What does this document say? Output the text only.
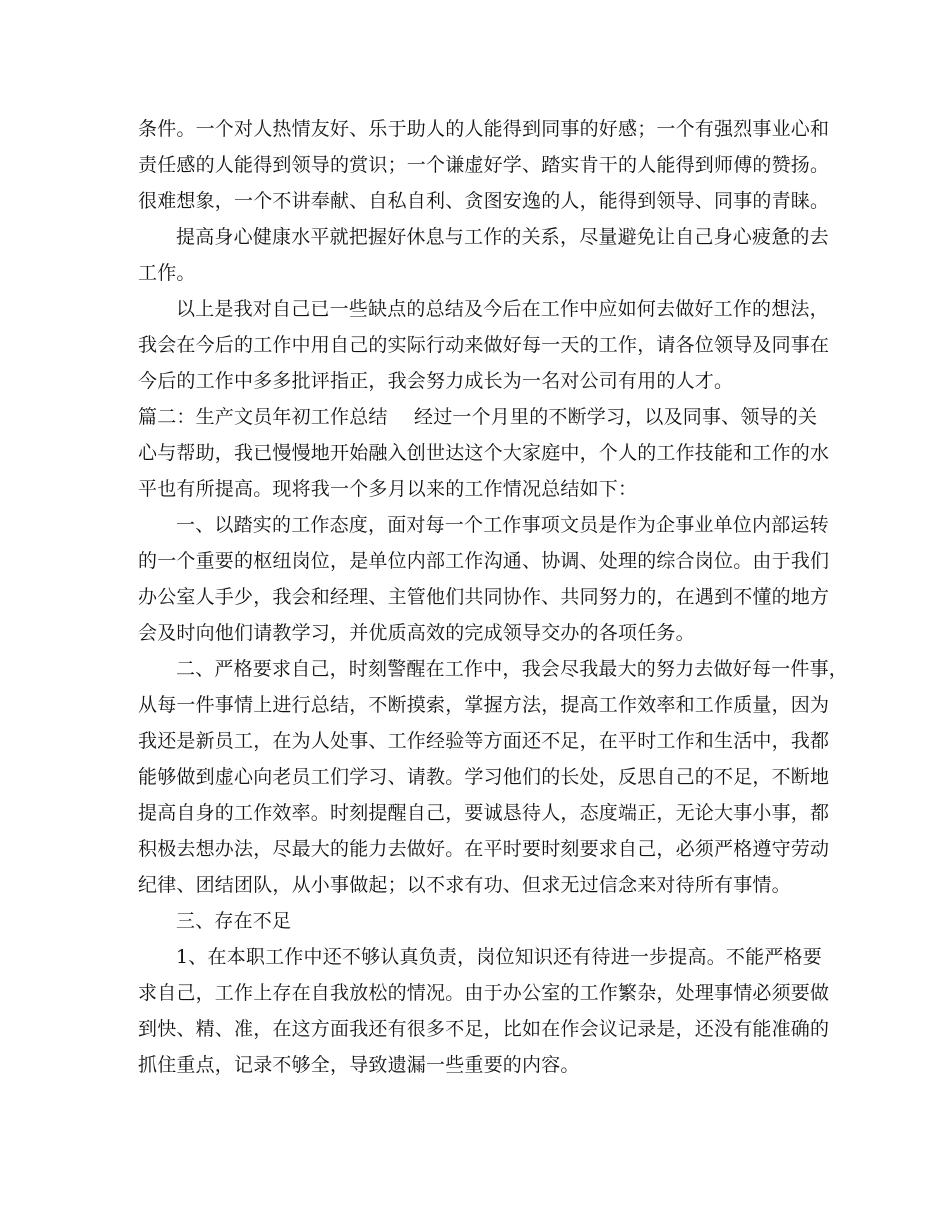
条件。一个对人热情友好、乐于助人的人能得到同事的好感；一个有强烈事业心和
责任感的人能得到领导的赏识；一个谦虚好学、踏实肯干的人能得到师傅的赞扬。
很难想象，一个不讲奉献、自私自利、贪图安逸的人，能得到领导、同事的青睐。
提高身心健康水平就把握好休息与工作的关系，尽量避免让自己身心疲惫的去
工作。
以上是我对自己已一些缺点的总结及今后在工作中应如何去做好工作的想法，
我会在今后的工作中用自己的实际行动来做好每一天的工作，请各位领导及同事在
今后的工作中多多批评指正，我会努力成长为一名对公司有用的人才。
篇二：生产文员年初工作总结 经过一个月里的不断学习，以及同事、领导的关
心与帮助，我已慢慢地开始融入创世达这个大家庭中，个人的工作技能和工作的水
平也有所提高。现将我一个多月以来的工作情况总结如下：
一、以踏实的工作态度，面对每一个工作事项文员是作为企事业单位内部运转
的一个重要的枢纽岗位，是单位内部工作沟通、协调、处理的综合岗位。由于我们
办公室人手少，我会和经理、主管他们共同协作、共同努力的，在遇到不懂的地方
会及时向他们请教学习，并优质高效的完成领导交办的各项任务。
二、严格要求自己，时刻警醒在工作中，我会尽我最大的努力去做好每一件事，
从每一件事情上进行总结，不断摸索，掌握方法，提高工作效率和工作质量，因为
我还是新员工，在为人处事、工作经验等方面还不足，在平时工作和生活中，我都
能够做到虚心向老员工们学习、请教。学习他们的长处，反思自己的不足，不断地
提高自身的工作效率。时刻提醒自己，要诚恳待人，态度端正，无论大事小事，都
积极去想办法，尽最大的能力去做好。在平时要时刻要求自己，必须严格遵守劳动
纪律、团结团队，从小事做起；以不求有功、但求无过信念来对待所有事情。
三、存在不足
1、在本职工作中还不够认真负责，岗位知识还有待进一步提高。不能严格要
求自己，工作上存在自我放松的情况。由于办公室的工作繁杂，处理事情必须要做
到快、精、准，在这方面我还有很多不足，比如在作会议记录是，还没有能准确的
抓住重点，记录不够全，导致遗漏一些重要的内容。
